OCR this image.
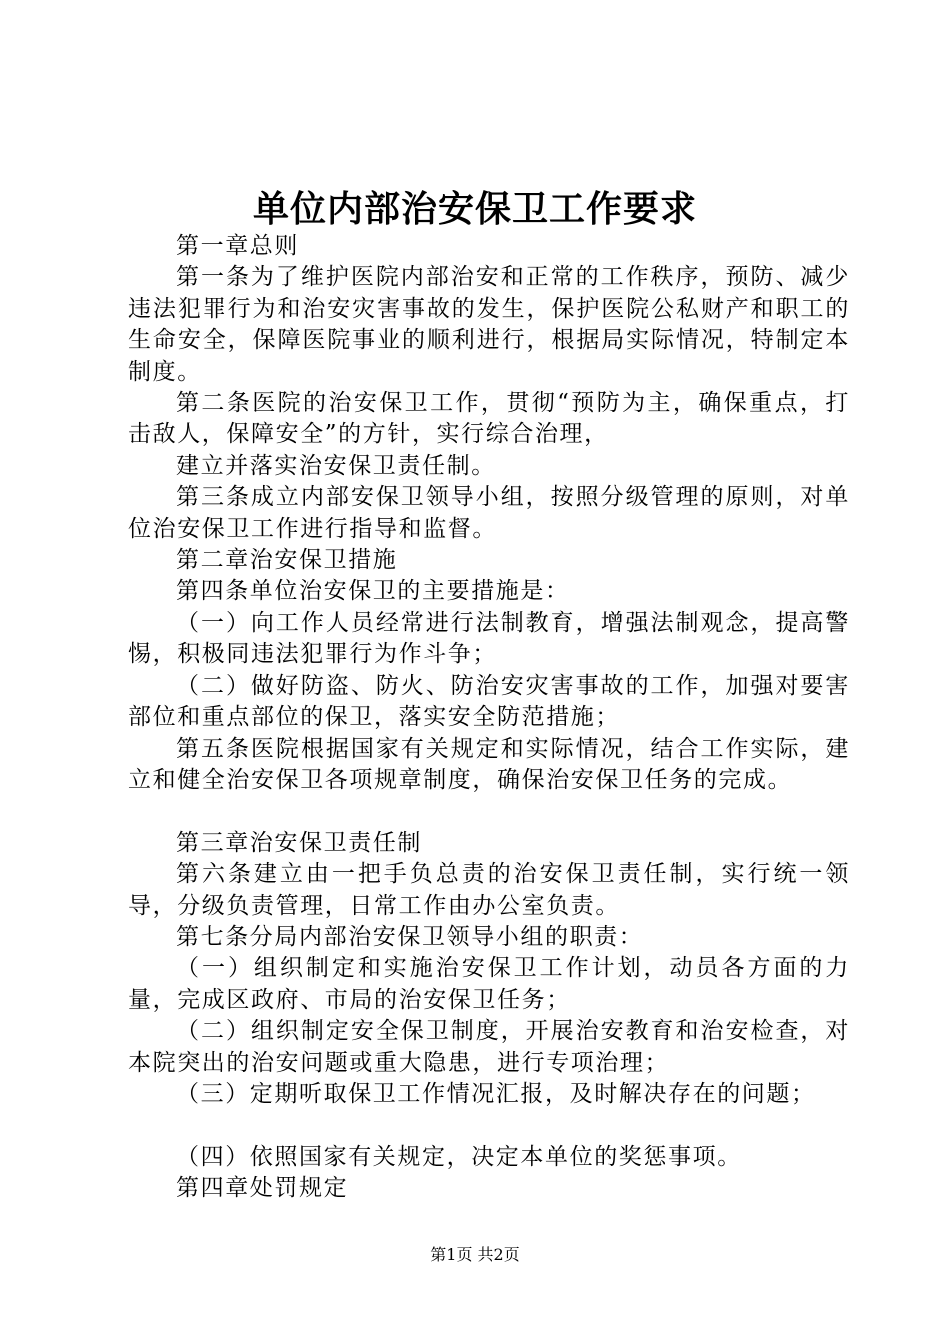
单位内部治安保卫工作要求

第一章总则

第一条为了维护医院内部治安和正常的工作秩序，预防、减少违法犯罪行为和治安灾害事故的发生，保护医院公私财产和职工的生命安全，保障医院事业的顺利进行，根据局实际情况，特制定本制度。

第二条医院的治安保卫工作，贯彻“预防为主，确保重点，打击敌人，保障安全”的方针，实行综合治理，

建立并落实治安保卫责任制。

第三条成立内部安保卫领导小组，按照分级管理的原则，对单位治安保卫工作进行指导和监督。

第二章治安保卫措施

第四条单位治安保卫的主要措施是：

（一）向工作人员经常进行法制教育，增强法制观念，提高警惕，积极同违法犯罪行为作斗争；

（二）做好防盗、防火、防治安灾害事故的工作，加强对要害部位和重点部位的保卫，落实安全防范措施；

第五条医院根据国家有关规定和实际情况，结合工作实际，建立和健全治安保卫各项规章制度，确保治安保卫任务的完成。

第三章治安保卫责任制

第六条建立由一把手负总责的治安保卫责任制，实行统一领导，分级负责管理，日常工作由办公室负责。

第七条分局内部治安保卫领导小组的职责：

（一）组织制定和实施治安保卫工作计划，动员各方面的力量，完成区政府、市局的治安保卫任务；

（二）组织制定安全保卫制度，开展治安教育和治安检查，对本院突出的治安问题或重大隐患，进行专项治理；

（三）定期听取保卫工作情况汇报，及时解决存在的问题；

（四）依照国家有关规定，决定本单位的奖惩事项。

第四章处罚规定

第1页 共2页
